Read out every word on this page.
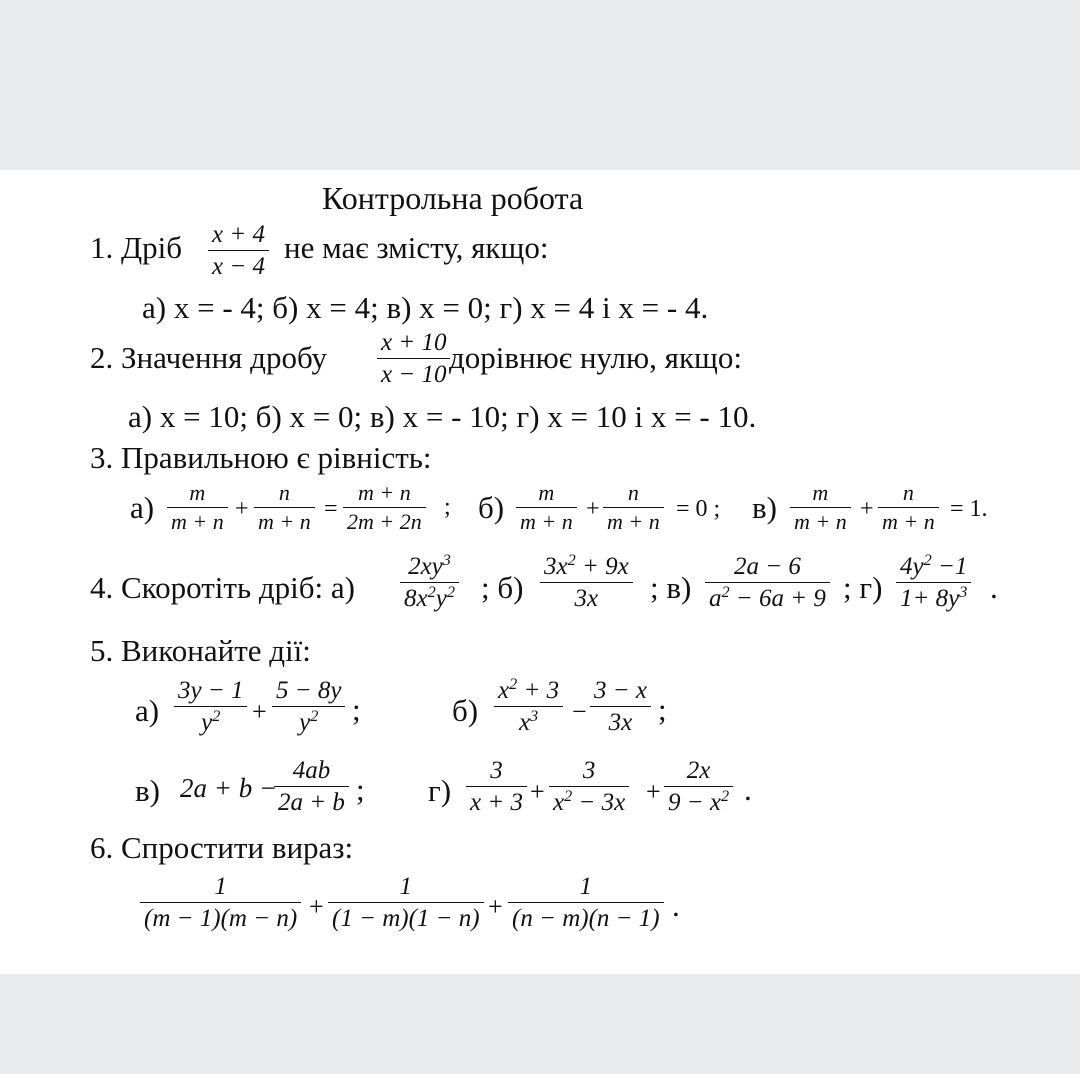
Контрольна робота
1. Дріб x + 4
x − 4
не має змісту, якщо:
а) х = - 4; б) х = 4; в) х = 0; г) х = 4 і х = - 4.
2. Значення дробу x + 10
x − 10 дорівнює нулю, якщо:
а) х = 10; б) х = 0; в) х = - 10; г) х = 10 і х = - 10.
3. Правильною є рівність:
а) m
m + n +
n
m + n =
m + n
2m + 2n
; б) m
m + n +
n
m + n = 0 ; в) m
m + n +
n
m + n = 1.
4. Скоротіть дріб: а)
$2xy^3$
$8x^2y^2$ ; б)
$3x^2 + 9x$
3x ; в)
2a − 6
$a^2 - 6a + 9$ ; г)
$4y^2 -1$
$1+ 8y^3$ .
5. Виконайте дії:
а)
3y − 1
$y^2$ +
5 − 8y
$y^2$ ;	б)
$x^2 + 3$
$x^3$ −
3 − x
3x ;
в) 2a + b −
4ab
2a + b ; г)
3
x + 3 +
3
$x^2 - 3x$ +
2x
$9 - x^2$ .
6. Спростити вираз:
1
(m − 1)(m − n) +
1
(1 − m)(1 − n) +
1
(n − m)(n − 1) .
